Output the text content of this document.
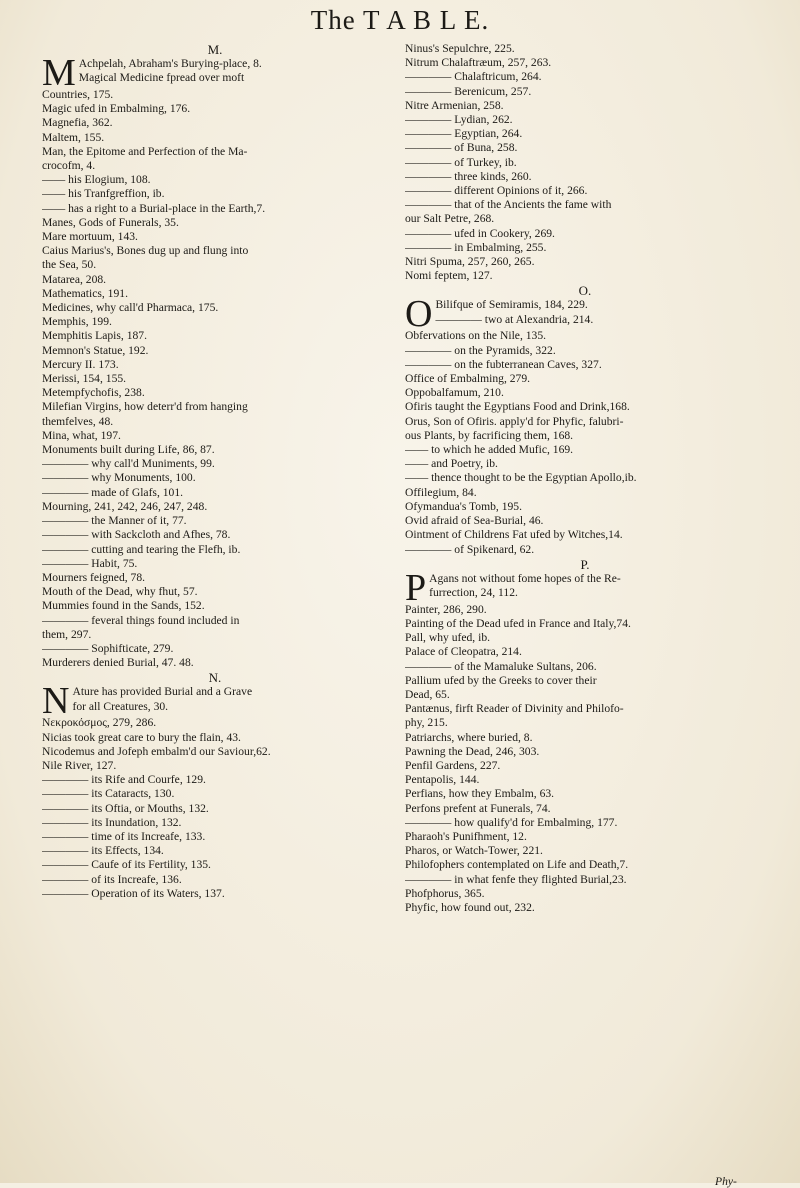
The T A B L E.
M.
M Achpelah, Abraham's Burying-place, 8.
Magical Medicine fpread over moft
Countries, 175.
Magic ufed in Embalming, 176.
Magnefia, 362.
Maltem, 155.
Man, the Epitome and Perfection of the Ma-
crocofm, 4.
—— his Elogium, 108.
—— his Tranfgreffion, ib.
—— has a right to a Burial-place in the Earth,7.
Manes, Gods of Funerals, 35.
Mare mortuum, 143.
Caius Marius's, Bones dug up and flung into
the Sea, 50.
Matarea, 208.
Mathematics, 191.
Medicines, why call'd Pharmaca, 175.
Memphis, 199.
Memphitis Lapis, 187.
Memnon's Statue, 192.
Mercury II. 173.
Merissi, 154, 155.
Metempfychofis, 238.
Milefian Virgins, how deterr'd from hanging
themfelves, 48.
Mina, what, 197.
Monuments built during Life, 86, 87.
———— why call'd Muniments, 99.
———— why Monuments, 100.
———— made of Glafs, 101.
Mourning, 241, 242, 246, 247, 248.
———— the Manner of it, 77.
———— with Sackcloth and Afhes, 78.
———— cutting and tearing the Flefh, ib.
———— Habit, 75.
Mourners feigned, 78.
Mouth of the Dead, why fhut, 57.
Mummies found in the Sands, 152.
———— feveral things found included in
them, 297.
———— Sophifticate, 279.
Murderers denied Burial, 47. 48.
N.
N Ature has provided Burial and a Grave
for all Creatures, 30.
Νεκροκόσμος, 279, 286.
Nicias took great care to bury the flain, 43.
Nicodemus and Jofeph embalm'd our Saviour,62.
Nile River, 127.
———— its Rife and Courfe, 129.
———— its Cataracts, 130.
———— its Oftia, or Mouths, 132.
———— its Inundation, 132.
———— time of its Increafe, 133.
———— its Effects, 134.
———— Caufe of its Fertility, 135.
———— of its Increafe, 136.
———— Operation of its Waters, 137.
Ninus's Sepulchre, 225.
Nitrum Chalaftræum, 257, 263.
———— Chalaftricum, 264.
———— Berenicum, 257.
Nitre Armenian, 258.
———— Lydian, 262.
———— Egyptian, 264.
———— of Buna, 258.
———— of Turkey, ib.
———— three kinds, 260.
———— different Opinions of it, 266.
———— that of the Ancients the fame with
our Salt Petre, 268.
———— ufed in Cookery, 269.
———— in Embalming, 255.
Nitri Spuma, 257, 260, 265.
Nomi feptem, 127.
O.
O Bilifque of Semiramis, 184, 229.
———— two at Alexandria, 214.
Obfervations on the Nile, 135.
———— on the Pyramids, 322.
———— on the fubterranean Caves, 327.
Office of Embalming, 279.
Oppobalfamum, 210.
Ofiris taught the Egyptians Food and Drink,168.
Orus, Son of Ofiris. apply'd for Phyfic, falubri-
ous Plants, by facrificing them, 168.
—— to which he added Mufic, 169.
—— and Poetry, ib.
—— thence thought to be the Egyptian Apollo,ib.
Offilegium, 84.
Ofymandua's Tomb, 195.
Ovid afraid of Sea-Burial, 46.
Ointment of Childrens Fat ufed by Witches,14.
———— of Spikenard, 62.
P.
P Agans not without fome hopes of the Re-
furrection, 24, 112.
Painter, 286, 290.
Painting of the Dead ufed in France and Italy,74.
Pall, why ufed, ib.
Palace of Cleopatra, 214.
———— of the Mamaluke Sultans, 206.
Pallium ufed by the Greeks to cover their
Dead, 65.
Pantænus, firft Reader of Divinity and Philofo-
phy, 215.
Patriarchs, where buried, 8.
Pawning the Dead, 246, 303.
Penfil Gardens, 227.
Pentapolis, 144.
Perfians, how they Embalm, 63.
Perfons prefent at Funerals, 74.
———— how qualify'd for Embalming, 177.
Pharaoh's Punifhment, 12.
Pharos, or Watch-Tower, 221.
Philofophers contemplated on Life and Death,7.
———— in what fenfe they flighted Burial,23.
Phofphorus, 365.
Phyfic, how found out, 232.
Phy-
